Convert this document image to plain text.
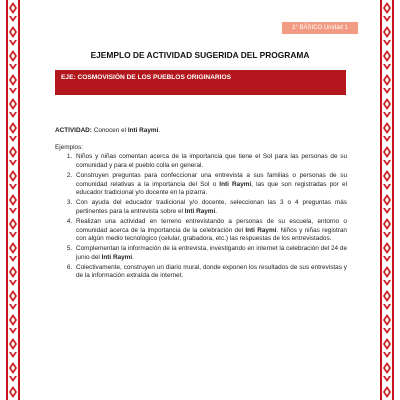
1° BÁSICO Unidad 1
EJEMPLO DE ACTIVIDAD SUGERIDA DEL PROGRAMA
EJE: COSMOVISIÓN DE LOS PUEBLOS ORIGINARIOS

ACTIVIDAD: Conocen el Inti Raymi.

Ejemplos:

1. Niños y niñas comentan acerca de la importancia que tiene el Sol para las personas de su comunidad y para el pueblo colla en general.
2. Construyen preguntas para confeccionar una entrevista a sus familias o personas de su comunidad relativas a la importancia del Sol o Inti Raymi, las que son registradas por el educador tradicional y/o docente en la pizarra.
3. Con ayuda del educador tradicional y/o docente, seleccionan las 3 o 4 preguntas más pertinentes para la entrevista sobre el Inti Raymi.
4. Realizan una actividad en terreno entrevistando a personas de su escuela, entorno o comunidad acerca de la importancia de la celebración del Inti Raymi. Niños y niñas registran con algún medio tecnológico (celular, grabadora, etc.) las respuestas de los entrevistados.
5. Complementan la información de la entrevista, investigando en internet la celebración del 24 de junio del Inti Raymi.
6. Colectivamente, construyen un diario mural, donde exponen los resultados de sus entrevistas y de la información extraída de internet.
